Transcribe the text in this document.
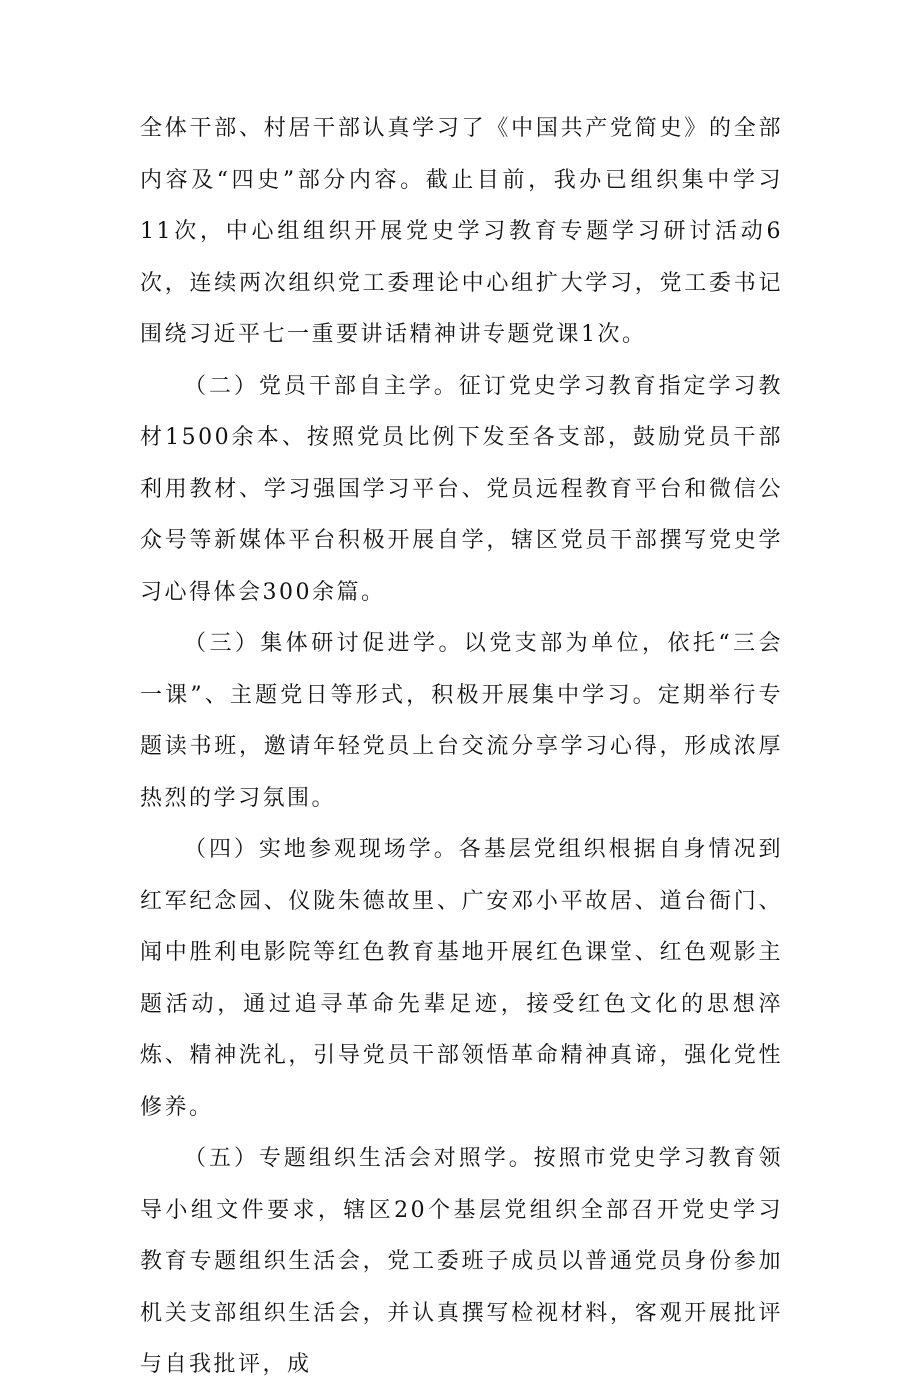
全体干部、村居干部认真学习了《中国共产党简史》的全部内容及“四史”部分内容。截止目前，我办已组织集中学习11次，中心组组织开展党史学习教育专题学习研讨活动6次，连续两次组织党工委理论中心组扩大学习，党工委书记围绕习近平七一重要讲话精神讲专题党课1次。

（二）党员干部自主学。征订党史学习教育指定学习教材1500余本、按照党员比例下发至各支部，鼓励党员干部利用教材、学习强国学习平台、党员远程教育平台和微信公众号等新媒体平台积极开展自学，辖区党员干部撰写党史学习心得体会300余篇。

（三）集体研讨促进学。以党支部为单位，依托“三会一课”、主题党日等形式，积极开展集中学习。定期举行专题读书班，邀请年轻党员上台交流分享学习心得，形成浓厚热烈的学习氛围。

（四）实地参观现场学。各基层党组织根据自身情况到红军纪念园、仪陇朱德故里、广安邓小平故居、道台衙门、闻中胜利电影院等红色教育基地开展红色课堂、红色观影主题活动，通过追寻革命先辈足迹，接受红色文化的思想淬炼、精神洗礼，引导党员干部领悟革命精神真谛，强化党性修养。

（五）专题组织生活会对照学。按照市党史学习教育领导小组文件要求，辖区20个基层党组织全部召开党史学习教育专题组织生活会，党工委班子成员以普通党员身份参加机关支部组织生活会，并认真撰写检视材料，客观开展批评与自我批评，成
